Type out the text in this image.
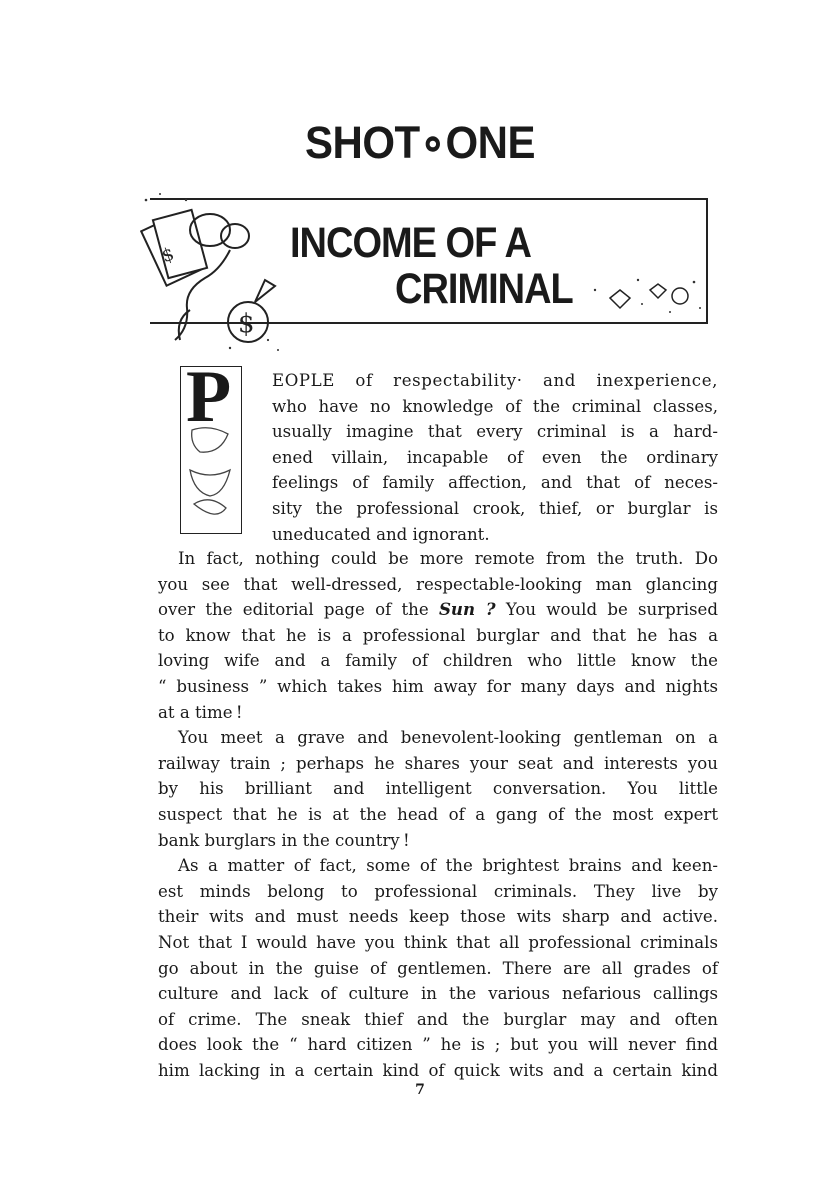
SHOT∘ONE
INCOME OF A
CRIMINAL
$
$
P EOPLE of respectability· and inexperience,
who have no knowledge of the criminal classes,
usually imagine that every criminal is a hard-
ened villain, incapable of even the ordinary
feelings of family affection, and that of neces-
sity the professional crook, thief, or burglar is
uneducated and ignorant.
In fact, nothing could be more remote from the truth. Do
you see that well-dressed, respectable-looking man glancing
over the editorial page of the Sun ? You would be surprised
to know that he is a professional burglar and that he has a
loving wife and a family of children who little know the
“ business ” which takes him away for many days and nights
at a time !
You meet a grave and benevolent-looking gentleman on a
railway train ; perhaps he shares your seat and interests you
by his brilliant and intelligent conversation. You little
suspect that he is at the head of a gang of the most expert
bank burglars in the country !
As a matter of fact, some of the brightest brains and keen-
est minds belong to professional criminals. They live by
their wits and must needs keep those wits sharp and active.
Not that I would have you think that all professional criminals
go about in the guise of gentlemen. There are all grades of
culture and lack of culture in the various nefarious callings
of crime. The sneak thief and the burglar may and often
does look the “ hard citizen ” he is ; but you will never find
him lacking in a certain kind of quick wits and a certain kind
7
